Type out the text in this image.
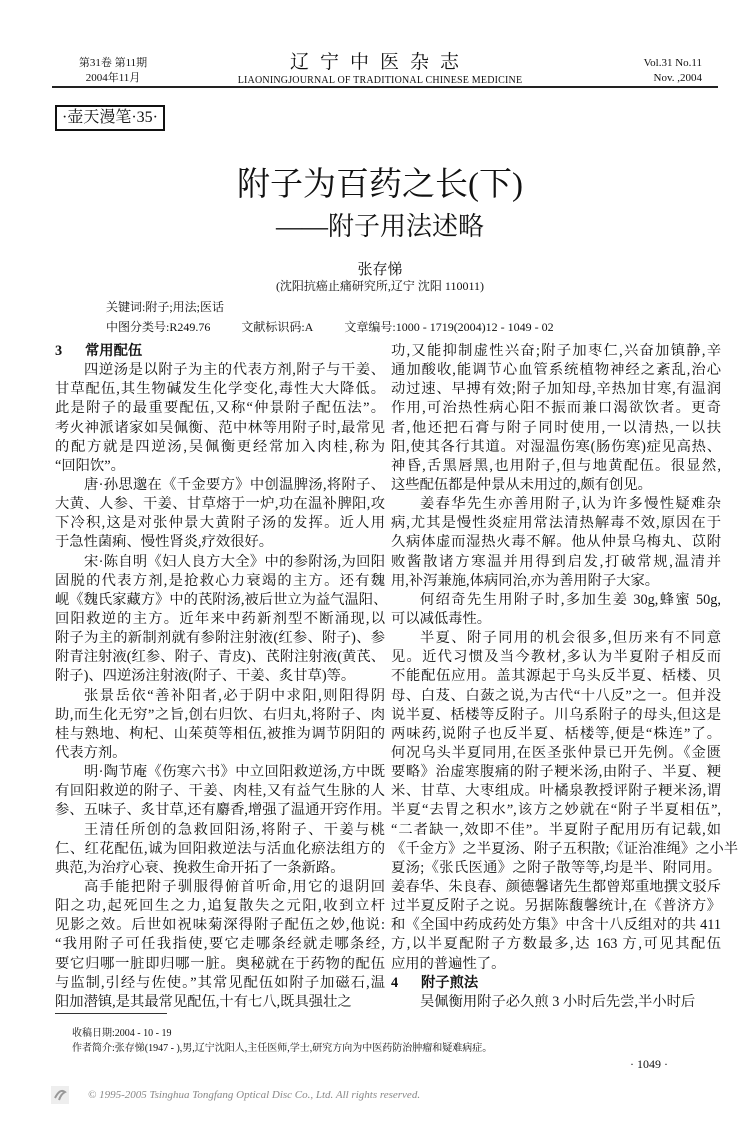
第31卷 第11期
2004年11月
辽宁中医杂志
LIAONINGJOURNAL OF TRADITIONAL CHINESE MEDICINE
Vol.31 No.11
Nov. ,2004
·壶天漫笔·35·
附子为百药之长(下)
——附子用法述略
张存悌
(沈阳抗癌止痛研究所,辽宁 沈阳 110011)
关键词:附子;用法;医话
中图分类号:R249.76	文献标识码:A	文章编号:1000 - 1719(2004)12 - 1049 - 02
3 常用配伍
四逆汤是以附子为主的代表方剂,附子与干姜、
甘草配伍,其生物碱发生化学变化,毒性大大降低。
此是附子的最重要配伍,又称“仲景附子配伍法”。
考火神派诸家如吴佩衡、范中林等用附子时,最常见
的配方就是四逆汤,吴佩衡更经常加入肉桂,称为
“回阳饮”。
唐·孙思邈在《千金要方》中创温脾汤,将附子、
大黄、人参、干姜、甘草熔于一炉,功在温补脾阳,攻
下冷积,这是对张仲景大黄附子汤的发挥。近人用
于急性菌痢、慢性肾炎,疗效很好。
宋·陈自明《妇人良方大全》中的参附汤,为回阳
固脱的代表方剂,是抢救心力衰竭的主方。还有魏
岘《魏氏家藏方》中的芪附汤,被后世立为益气温阳、
回阳救逆的主方。近年来中药新剂型不断涌现,以
附子为主的新制剂就有参附注射液(红参、附子)、参
附青注射液(红参、附子、青皮)、芪附注射液(黄芪、
附子)、四逆汤注射液(附子、干姜、炙甘草)等。
张景岳依“善补阳者,必于阴中求阳,则阳得阴
助,而生化无穷”之旨,创右归饮、右归丸,将附子、肉
桂与熟地、枸杞、山茱萸等相伍,被推为调节阴阳的
代表方剂。
明·陶节庵《伤寒六书》中立回阳救逆汤,方中既
有回阳救逆的附子、干姜、肉桂,又有益气生脉的人
参、五味子、炙甘草,还有麝香,增强了温通开窍作用。
王清任所创的急救回阳汤,将附子、干姜与桃
仁、红花配伍,诚为回阳救逆法与活血化瘀法组方的
典范,为治疗心衰、挽救生命开拓了一条新路。
高手能把附子驯服得俯首听命,用它的退阴回
阳之功,起死回生之力,追复散失之元阳,收到立杆
见影之效。后世如祝味菊深得附子配伍之妙,他说:
“我用附子可任我指使,要它走哪条经就走哪条经,
要它归哪一脏即归哪一脏。奥秘就在于药物的配伍
与监制,引经与佐使。”其常见配伍如附子加磁石,温
阳加潜镇,是其最常见配伍,十有七八,既具强壮之
功,又能抑制虚性兴奋;附子加枣仁,兴奋加镇静,辛
通加酸收,能调节心血管系统植物神经之紊乱,治心
动过速、早搏有效;附子加知母,辛热加甘寒,有温润
作用,可治热性病心阳不振而兼口渴欲饮者。更奇
者,他还把石膏与附子同时使用,一以清热,一以扶
阳,使其各行其道。对湿温伤寒(肠伤寒)症见高热、
神昏,舌黑唇黑,也用附子,但与地黄配伍。很显然,
这些配伍都是仲景从未用过的,颇有创见。
姜春华先生亦善用附子,认为许多慢性疑难杂
病,尤其是慢性炎症用常法清热解毒不效,原因在于
久病体虚而湿热火毒不解。他从仲景乌梅丸、苡附
败酱散诸方寒温并用得到启发,打破常规,温清并
用,补泻兼施,体病同治,亦为善用附子大家。
何绍奇先生用附子时,多加生姜 30g,蜂蜜 50g,
可以减低毒性。
半夏、附子同用的机会很多,但历来有不同意
见。近代习惯及当今教材,多认为半夏附子相反而
不能配伍应用。盖其源起于乌头反半夏、栝楼、贝
母、白芨、白蔹之说,为古代“十八反”之一。但并没
说半夏、栝楼等反附子。川乌系附子的母头,但这是
两味药,说附子也反半夏、栝楼等,便是“株连”了。
何况乌头半夏同用,在医圣张仲景已开先例。《金匮
要略》治虚寒腹痛的附子粳米汤,由附子、半夏、粳
米、甘草、大枣组成。叶橘泉教授评附子粳米汤,谓
半夏“去胃之积水”,该方之妙就在“附子半夏相伍”,
“二者缺一,效即不佳”。半夏附子配用历有记载,如
《千金方》之半夏汤、附子五积散;《证治准绳》之小半
夏汤;《张氏医通》之附子散等等,均是半、附同用。
姜春华、朱良春、颜德馨诸先生都曾郑重地撰文驳斥
过半夏反附子之说。另据陈馥馨统计,在《普济方》
和《全国中药成药处方集》中含十八反组对的共 411
方,以半夏配附子方数最多,达 163 方,可见其配伍
应用的普遍性了。
4 附子煎法
吴佩衡用附子必久煎 3 小时后先尝,半小时后
收稿日期:2004 - 10 - 19
作者简介:张存悌(1947 - ),男,辽宁沈阳人,主任医师,学士,研究方向为中医药防治肿瘤和疑难病症。
· 1049 ·
© 1995-2005 Tsinghua Tongfang Optical Disc Co., Ltd. All rights reserved.
